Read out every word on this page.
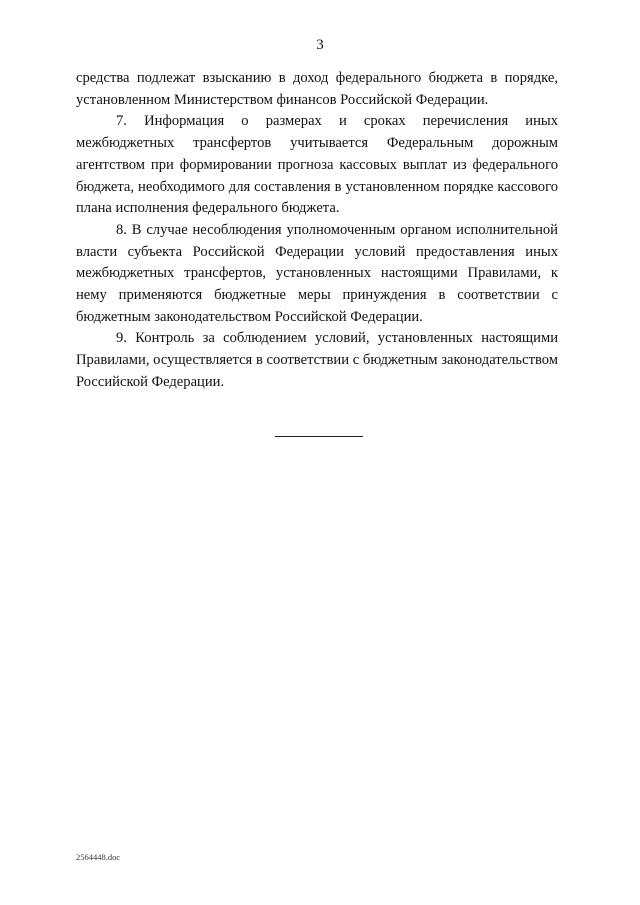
3

средства подлежат взысканию в доход федерального бюджета в порядке, установленном Министерством финансов Российской Федерации.

7. Информация о размерах и сроках перечисления иных межбюджетных трансфертов учитывается Федеральным дорожным агентством при формировании прогноза кассовых выплат из федерального бюджета, необходимого для составления в установленном порядке кассового плана исполнения федерального бюджета.

8. В случае несоблюдения уполномоченным органом исполнительной власти субъекта Российской Федерации условий предоставления иных межбюджетных трансфертов, установленных настоящими Правилами, к нему применяются бюджетные меры принуждения в соответствии с бюджетным законодательством Российской Федерации.

9. Контроль за соблюдением условий, установленных настоящими Правилами, осуществляется в соответствии с бюджетным законодательством Российской Федерации.

2564448.doc
